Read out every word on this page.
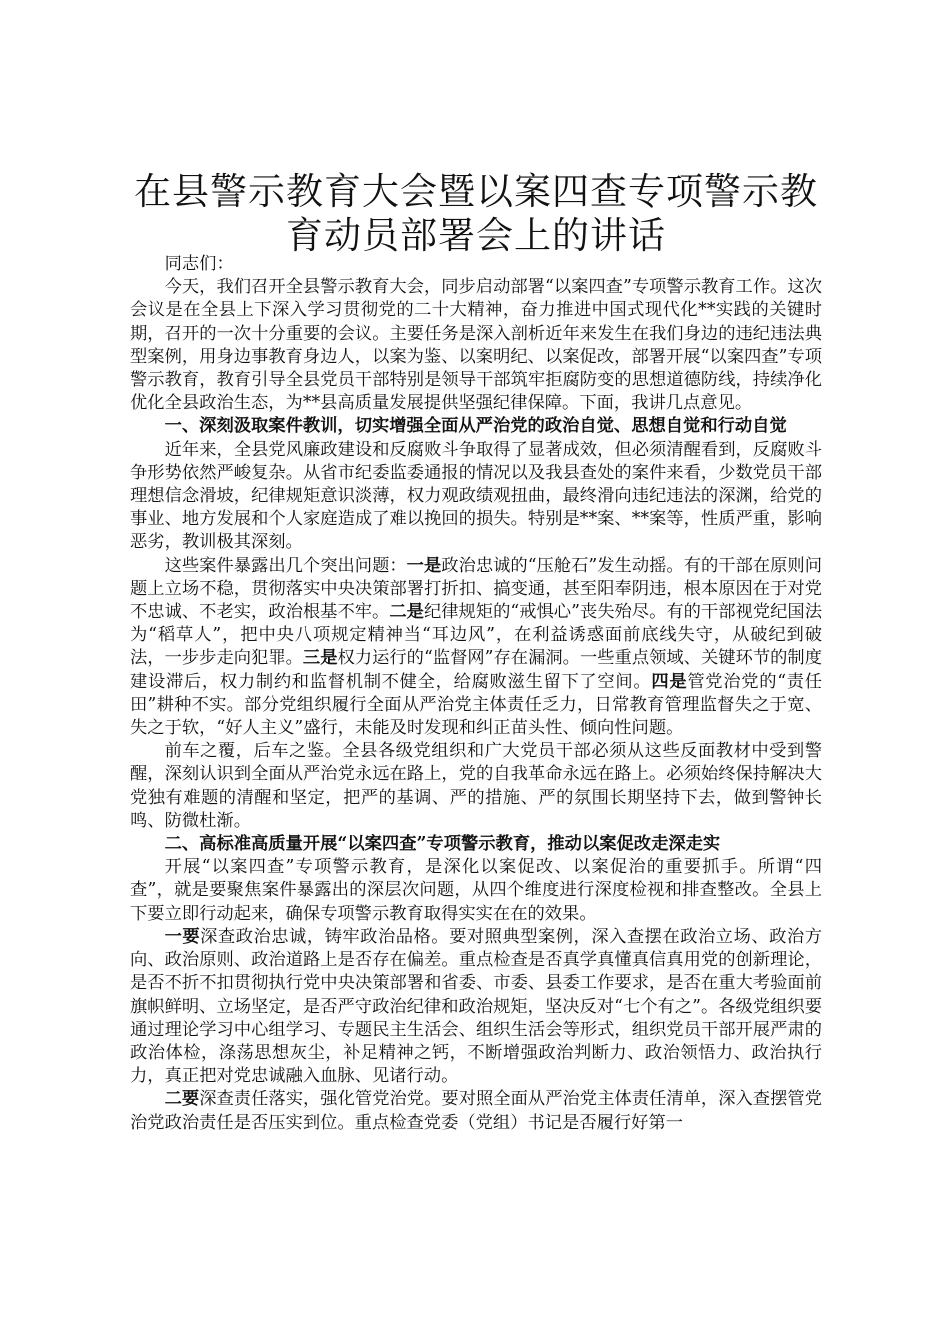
在县警示教育大会暨以案四查专项警示教育动员部署会上的讲话

同志们：

今天，我们召开全县警示教育大会，同步启动部署“以案四查”专项警示教育工作。这次会议是在全县上下深入学习贯彻党的二十大精神，奋力推进中国式现代化**实践的关键时期，召开的一次十分重要的会议。主要任务是深入剖析近年来发生在我们身边的违纪违法典型案例，用身边事教育身边人，以案为鉴、以案明纪、以案促改，部署开展“以案四查”专项警示教育，教育引导全县党员干部特别是领导干部筑牢拒腐防变的思想道德防线，持续净化优化全县政治生态，为**县高质量发展提供坚强纪律保障。下面，我讲几点意见。

一、深刻汲取案件教训，切实增强全面从严治党的政治自觉、思想自觉和行动自觉

近年来，全县党风廉政建设和反腐败斗争取得了显著成效，但必须清醒看到，反腐败斗争形势依然严峻复杂。从省市纪委监委通报的情况以及我县查处的案件来看，少数党员干部理想信念滑坡，纪律规矩意识淡薄，权力观政绩观扭曲，最终滑向违纪违法的深渊，给党的事业、地方发展和个人家庭造成了难以挽回的损失。特别是**案、**案等，性质严重，影响恶劣，教训极其深刻。

这些案件暴露出几个突出问题：一是政治忠诚的“压舱石”发生动摇。有的干部在原则问题上立场不稳，贯彻落实中央决策部署打折扣、搞变通，甚至阳奉阴违，根本原因在于对党不忠诚、不老实，政治根基不牢。二是纪律规矩的“戒惧心”丧失殆尽。有的干部视党纪国法为“稻草人”，把中央八项规定精神当“耳边风”，在利益诱惑面前底线失守，从破纪到破法，一步步走向犯罪。三是权力运行的“监督网”存在漏洞。一些重点领域、关键环节的制度建设滞后，权力制约和监督机制不健全，给腐败滋生留下了空间。四是管党治党的“责任田”耕种不实。部分党组织履行全面从严治党主体责任乏力，日常教育管理监督失之于宽、失之于软，“好人主义”盛行，未能及时发现和纠正苗头性、倾向性问题。

前车之覆，后车之鉴。全县各级党组织和广大党员干部必须从这些反面教材中受到警醒，深刻认识到全面从严治党永远在路上，党的自我革命永远在路上。必须始终保持解决大党独有难题的清醒和坚定，把严的基调、严的措施、严的氛围长期坚持下去，做到警钟长鸣、防微杜渐。

二、高标准高质量开展“以案四查”专项警示教育，推动以案促改走深走实

开展“以案四查”专项警示教育，是深化以案促改、以案促治的重要抓手。所谓“四查”，就是要聚焦案件暴露出的深层次问题，从四个维度进行深度检视和排查整改。全县上下要立即行动起来，确保专项警示教育取得实实在在的效果。

一要深查政治忠诚，铸牢政治品格。要对照典型案例，深入查摆在政治立场、政治方向、政治原则、政治道路上是否存在偏差。重点检查是否真学真懂真信真用党的创新理论，是否不折不扣贯彻执行党中央决策部署和省委、市委、县委工作要求，是否在重大考验面前旗帜鲜明、立场坚定，是否严守政治纪律和政治规矩，坚决反对“七个有之”。各级党组织要通过理论学习中心组学习、专题民主生活会、组织生活会等形式，组织党员干部开展严肃的政治体检，涤荡思想灰尘，补足精神之钙，不断增强政治判断力、政治领悟力、政治执行力，真正把对党忠诚融入血脉、见诸行动。

二要深查责任落实，强化管党治党。要对照全面从严治党主体责任清单，深入查摆管党治党政治责任是否压实到位。重点检查党委（党组）书记是否履行好第一
